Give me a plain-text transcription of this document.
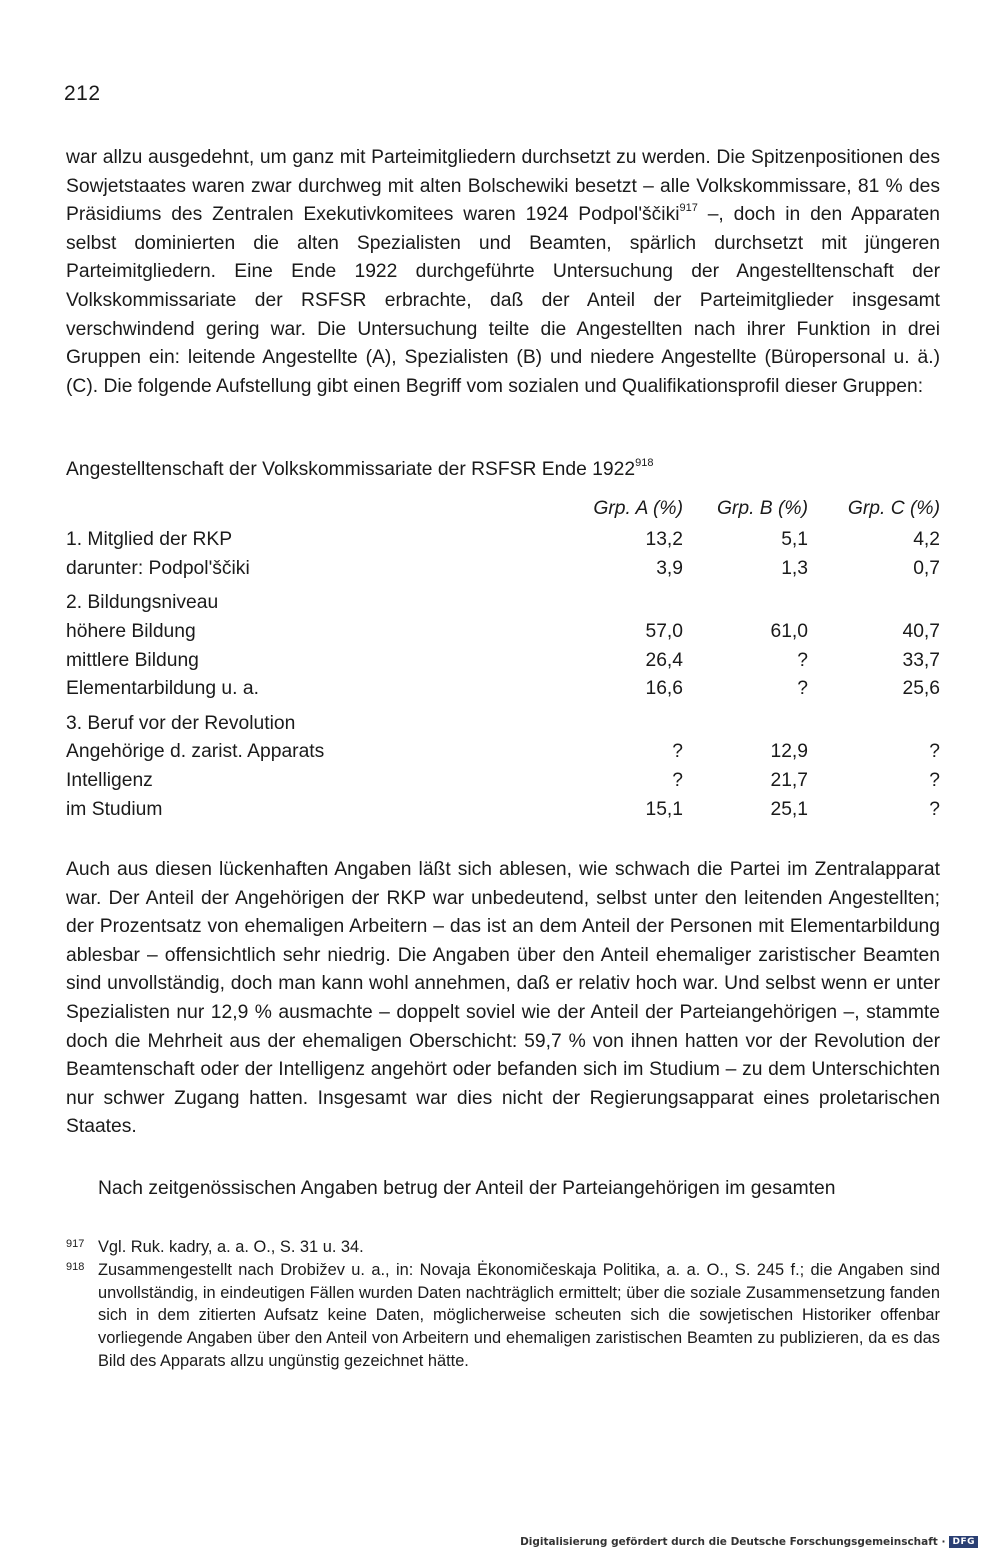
212

war allzu ausgedehnt, um ganz mit Parteimitgliedern durchsetzt zu werden. Die Spitzenpositionen des Sowjetstaates waren zwar durchweg mit alten Bolschewiki besetzt – alle Volkskommissare, 81 % des Präsidiums des Zentralen Exekutivkomitees waren 1924 Podpol'ščiki$^{917}$ –, doch in den Apparaten selbst dominierten die alten Spezialisten und Beamten, spärlich durchsetzt mit jüngeren Parteimitgliedern. Eine Ende 1922 durchgeführte Untersuchung der Angestelltenschaft der Volkskommissariate der RSFSR erbrachte, daß der Anteil der Parteimitglieder insgesamt verschwindend gering war. Die Untersuchung teilte die Angestellten nach ihrer Funktion in drei Gruppen ein: leitende Angestellte (A), Spezialisten (B) und niedere Angestellte (Büropersonal u. ä.) (C). Die folgende Aufstellung gibt einen Begriff vom sozialen und Qualifikationsprofil dieser Gruppen:

Angestelltenschaft der Volkskommissariate der RSFSR Ende 1922$^{918}$

	Grp. A (%)	Grp. B (%)	Grp. C (%)
1. Mitglied der RKP	13,2	5,1	4,2
darunter: Podpol'ščiki	3,9	1,3	0,7
2. Bildungsniveau			
höhere Bildung	57,0	61,0	40,7
mittlere Bildung	26,4	?	33,7
Elementarbildung u. a.	16,6	?	25,6
3. Beruf vor der Revolution			
Angehörige d. zarist. Apparats	?	12,9	?
Intelligenz	?	21,7	?
im Studium	15,1	25,1	?

Auch aus diesen lückenhaften Angaben läßt sich ablesen, wie schwach die Partei im Zentralapparat war. Der Anteil der Angehörigen der RKP war unbedeutend, selbst unter den leitenden Angestellten; der Prozentsatz von ehemaligen Arbeitern – das ist an dem Anteil der Personen mit Elementarbildung ablesbar – offensichtlich sehr niedrig. Die Angaben über den Anteil ehemaliger zaristischer Beamten sind unvollständig, doch man kann wohl annehmen, daß er relativ hoch war. Und selbst wenn er unter Spezialisten nur 12,9 % ausmachte – doppelt soviel wie der Anteil der Parteiangehörigen –, stammte doch die Mehrheit aus der ehemaligen Oberschicht: 59,7 % von ihnen hatten vor der Revolution der Beamtenschaft oder der Intelligenz angehört oder befanden sich im Studium – zu dem Unterschichten nur schwer Zugang hatten. Insgesamt war dies nicht der Regierungsapparat eines proletarischen Staates.

Nach zeitgenössischen Angaben betrug der Anteil der Parteiangehörigen im gesamten

917 Vgl. Ruk. kadry, a. a. O., S. 31 u. 34.
918 Zusammengestellt nach Drobižev u. a., in: Novaja Ėkonomičeskaja Politika, a. a. O., S. 245 f.; die Angaben sind unvollständig, in eindeutigen Fällen wurden Daten nachträglich ermittelt; über die soziale Zusammensetzung fanden sich in dem zitierten Aufsatz keine Daten, möglicherweise scheuten sich die sowjetischen Historiker offenbar vorliegende Angaben über den Anteil von Arbeitern und ehemaligen zaristischen Beamten zu publizieren, da es das Bild des Apparats allzu ungünstig gezeichnet hätte.
Digitalisierung gefördert durch die Deutsche Forschungsgemeinschaft · DFG
